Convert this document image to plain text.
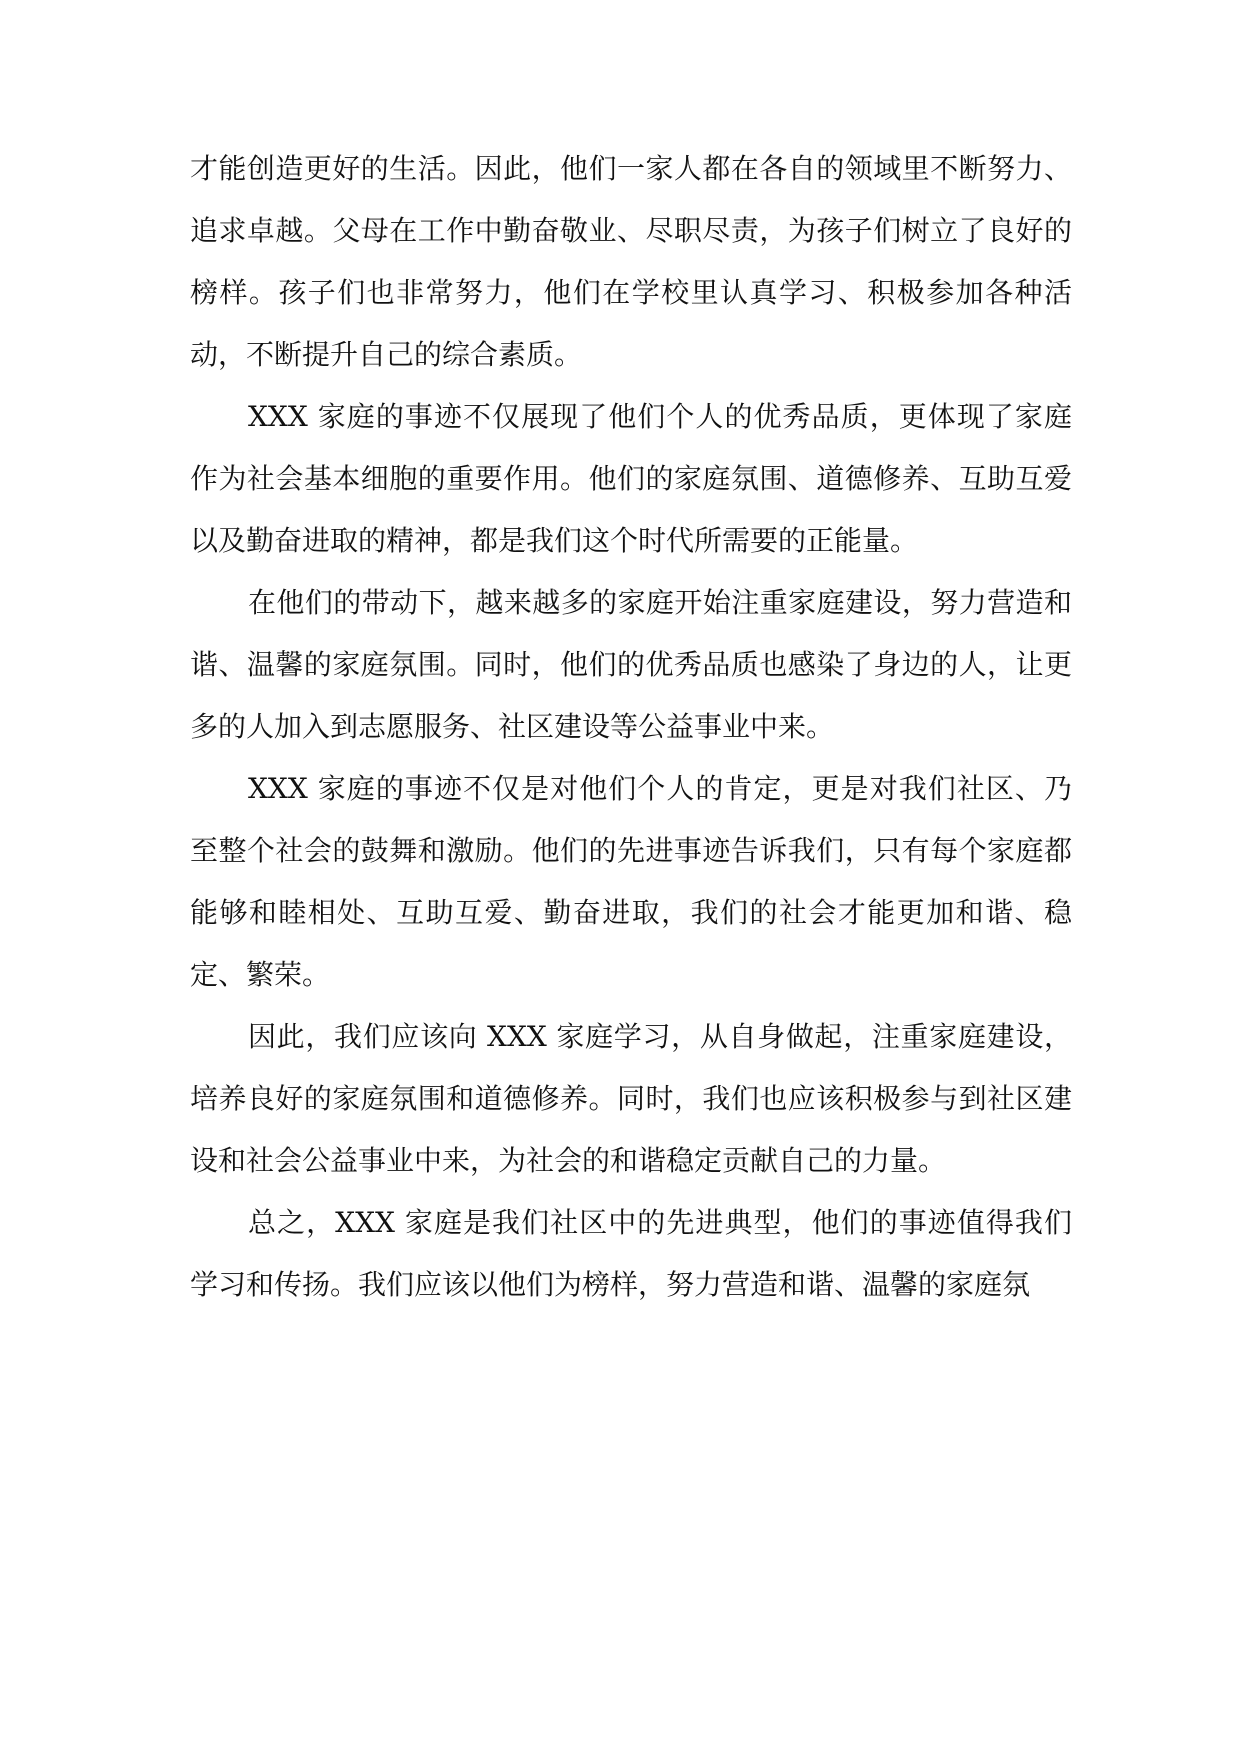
才能创造更好的生活。因此，他们一家人都在各自的领域里不断努力、追求卓越。父母在工作中勤奋敬业、尽职尽责，为孩子们树立了良好的榜样。孩子们也非常努力，他们在学校里认真学习、积极参加各种活动，不断提升自己的综合素质。

XXX 家庭的事迹不仅展现了他们个人的优秀品质，更体现了家庭作为社会基本细胞的重要作用。他们的家庭氛围、道德修养、互助互爱以及勤奋进取的精神，都是我们这个时代所需要的正能量。

在他们的带动下，越来越多的家庭开始注重家庭建设，努力营造和谐、温馨的家庭氛围。同时，他们的优秀品质也感染了身边的人，让更多的人加入到志愿服务、社区建设等公益事业中来。

XXX 家庭的事迹不仅是对他们个人的肯定，更是对我们社区、乃至整个社会的鼓舞和激励。他们的先进事迹告诉我们，只有每个家庭都能够和睦相处、互助互爱、勤奋进取，我们的社会才能更加和谐、稳定、繁荣。

因此，我们应该向 XXX 家庭学习，从自身做起，注重家庭建设，培养良好的家庭氛围和道德修养。同时，我们也应该积极参与到社区建设和社会公益事业中来，为社会的和谐稳定贡献自己的力量。

总之，XXX 家庭是我们社区中的先进典型，他们的事迹值得我们学习和传扬。我们应该以他们为榜样，努力营造和谐、温馨的家庭氛
